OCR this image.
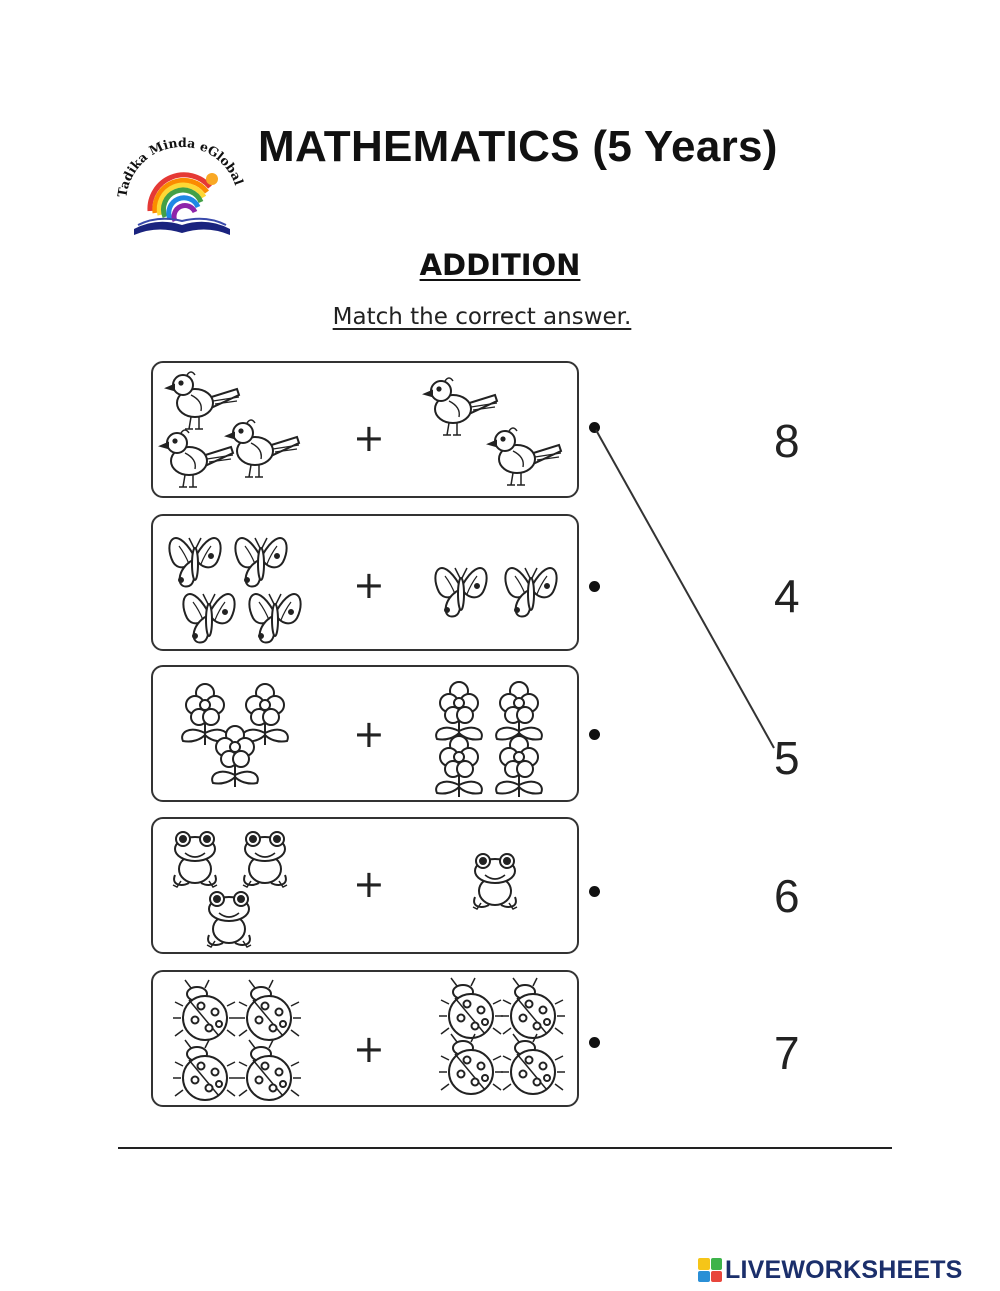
Tadika Minda eGlobal
MATHEMATICS (5 Years)
ADDITION

Match the correct answer.

+
+
+
+
+
8
4
5
6
7
LIVEWORKSHEETS
